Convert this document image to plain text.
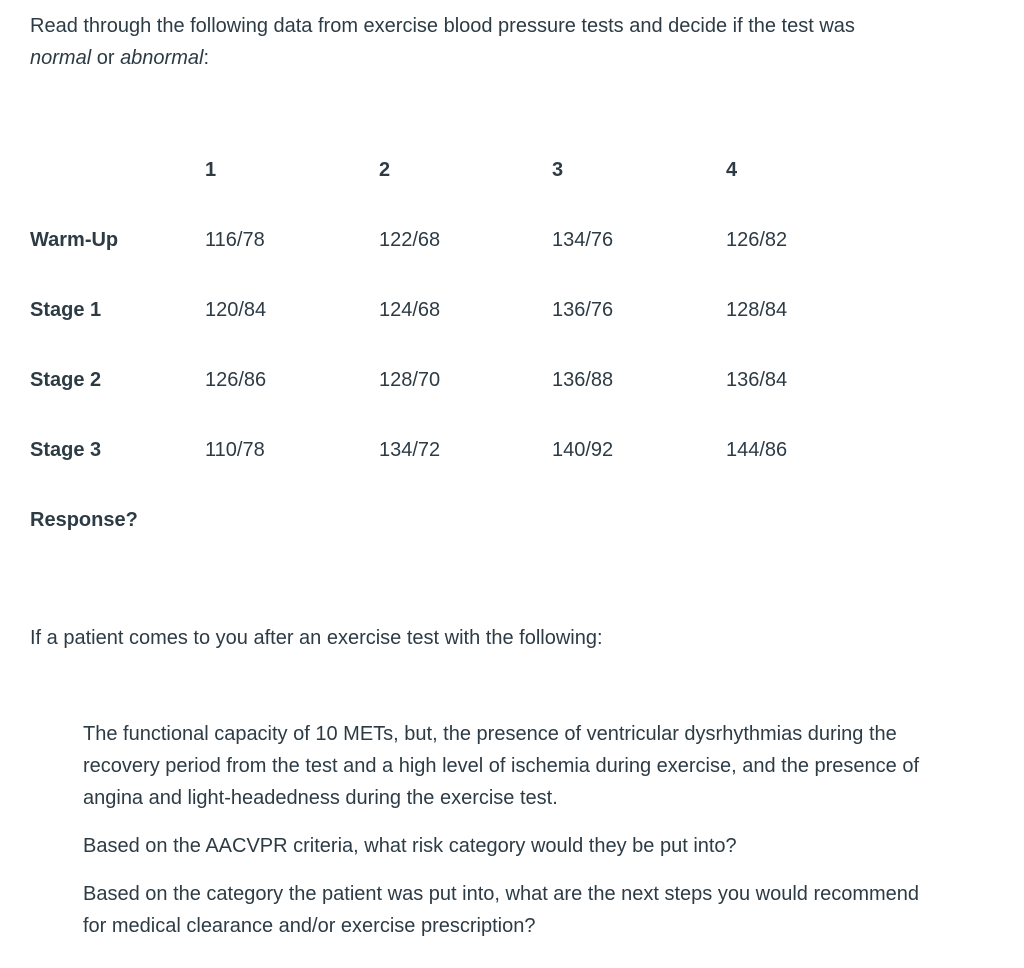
Read through the following data from exercise blood pressure tests and decide if the test was
normal or abnormal:

	1	2	3	4
Warm-Up	116/78	122/68	134/76	126/82
Stage 1	120/84	124/68	136/76	128/84
Stage 2	126/86	128/70	136/88	136/84
Stage 3	110/78	134/72	140/92	144/86
Response?				

If a patient comes to you after an exercise test with the following:

The functional capacity of 10 METs, but, the presence of ventricular dysrhythmias during the recovery period from the test and a high level of ischemia during exercise, and the presence of angina and light-headedness during the exercise test.

Based on the AACVPR criteria, what risk category would they be put into?

Based on the category the patient was put into, what are the next steps you would recommend for medical clearance and/or exercise prescription?
